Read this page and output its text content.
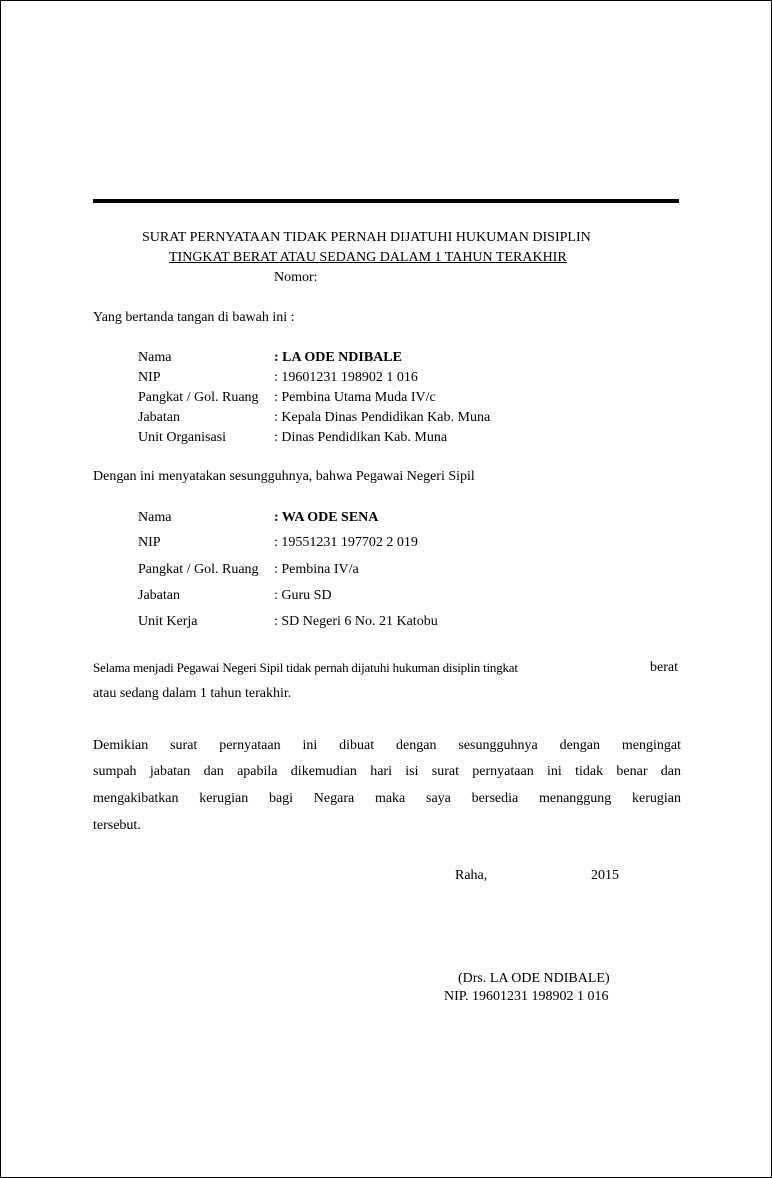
SURAT PERNYATAAN TIDAK PERNAH DIJATUHI HUKUMAN DISIPLIN
TINGKAT BERAT ATAU SEDANG DALAM 1 TAHUN TERAKHIR
Nomor:
Yang bertanda tangan di bawah ini :
Nama	: LA ODE NDIBALE
NIP	: 19601231 198902 1 016
Pangkat / Gol. Ruang : Pembina Utama Muda IV/c
Jabatan	: Kepala Dinas Pendidikan Kab. Muna
Unit Organisasi	: Dinas Pendidikan Kab. Muna
Dengan ini menyatakan sesungguhnya, bahwa Pegawai Negeri Sipil
Nama	: WA ODE SENA
NIP	: 19551231 197702 2 019
Pangkat / Gol. Ruang : Pembina IV/a
Jabatan	: Guru SD
Unit Kerja	: SD Negeri 6 No. 21 Katobu
Selama menjadi Pegawai Negeri Sipil tidak pernah dijatuhi hukuman disiplin tingkat	berat
atau sedang dalam 1 tahun terakhir.
Demikian surat pernyataan ini dibuat dengan sesungguhnya dengan mengingat
sumpah jabatan dan apabila dikemudian hari isi surat pernyataan ini tidak benar dan
mengakibatkan kerugian bagi Negara maka saya bersedia menanggung kerugian
tersebut.
Raha,	2015
(Drs. LA ODE NDIBALE)
NIP. 19601231 198902 1 016
